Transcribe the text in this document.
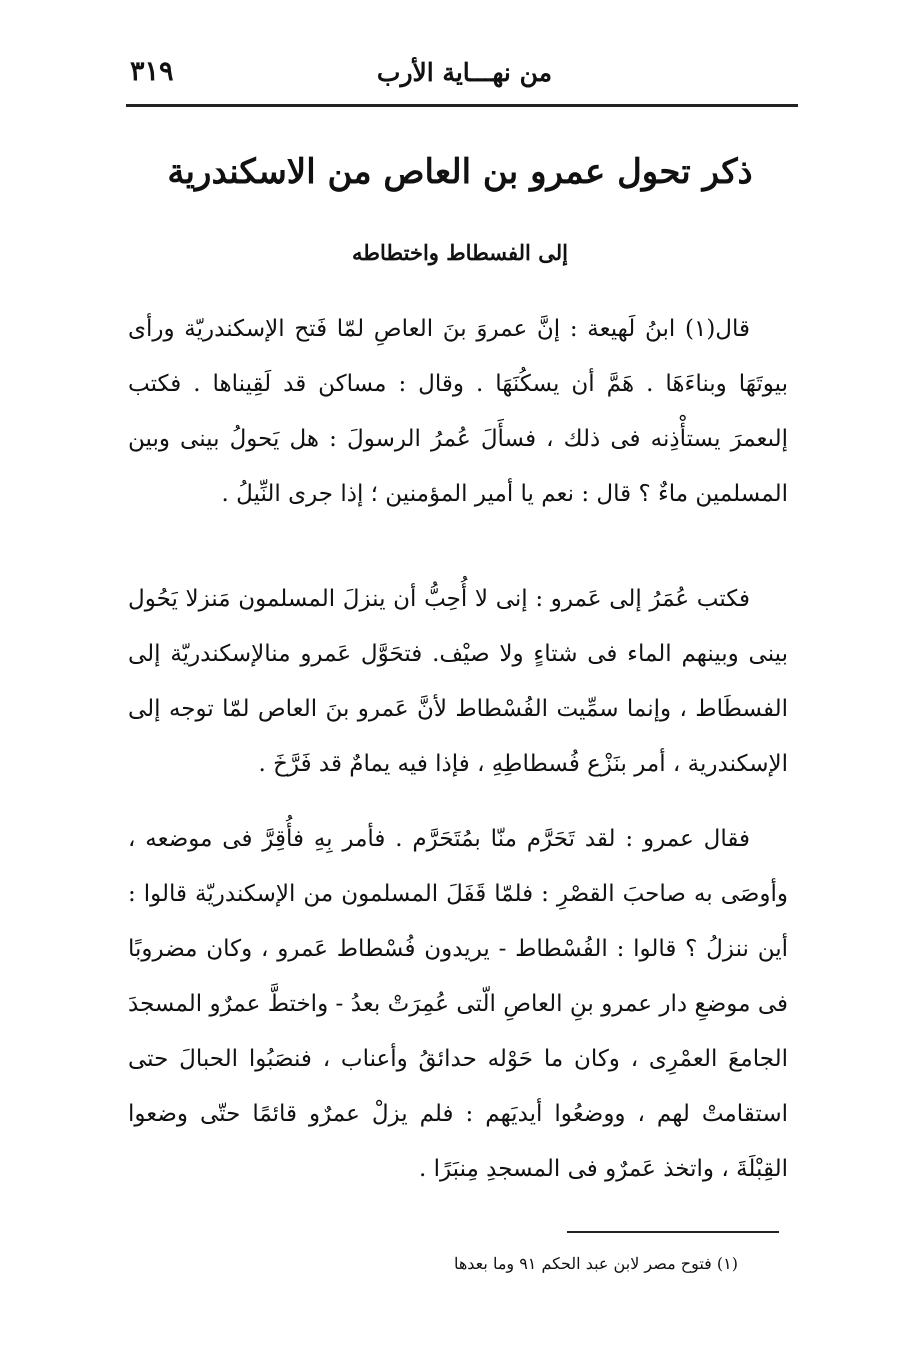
من نهـــاية الأرب
٣١٩
ذكر تحول عمرو بن العاص من الاسكندرية
إلى الفسطاط واختطاطه

قال(١) ابنُ لَهيعة : إنَّ عمروَ بنَ العاصِ لمّا فَتح الإسكندريّة ورأى بيوتَهَا وبناءَهَا . هَمَّ أن يسكُنَهَا . وقال : مساكن قد لَقِيناها . فكتب إلىعمرَ يستأْذِنه فى ذلك ، فسأَلَ عُمرُ الرسولَ : هل يَحولُ بينى وبين المسلمين ماءٌ ؟ قال : نعم يا أمير المؤمنين ؛ إذا جرى النِّيلُ .

فكتب عُمَرُ إلى عَمرو : إنى لا أُحِبُّ أن ينزلَ المسلمون مَنزلا يَحُول بينى وبينهم الماء فى شتاءٍ ولا صيْف. فتحَوَّل عَمرو منالإسكندريّة إلى الفسطَاط ، وإنما سمِّيت الفُسْطاط لأنَّ عَمرو بنَ العاص لمّا توجه إلى الإسكندرية ، أمر بنَزْع فُسطاطِهِ ، فإذا فيه يمامٌ قد فَرَّخَ .

فقال عمرو : لقد تَحَرَّم منّا بمُتَحَرَّم . فأمر بِهِ فأُقِرَّ فى موضعه ، وأوصَى به صاحبَ القصْرِ : فلمّا قَفَلَ المسلمون من الإسكندريّة قالوا : أين ننزلُ ؟ قالوا : الفُسْطاط - يريدون فُسْطاط عَمرو ، وكان مضروبًا فى موضعِ دار عمرو بنِ العاصِ الّتى عُمِرَتْ بعدُ - واختطَّ عمرٌو المسجدَ الجامعَ العمْرِى ، وكان ما حَوْله حدائقُ وأعناب ، فنصَبُوا الحبالَ حتى استقامتْ لهم ، ووضعُوا أيديَهم : فلم يزلْ عمرٌو قائمًا حتّى وضعوا القِبْلَةَ ، واتخذ عَمرٌو فى المسجدِ مِنبَرًا .

(١) فتوح مصر لابن عبد الحكم ٩١ وما بعدها
